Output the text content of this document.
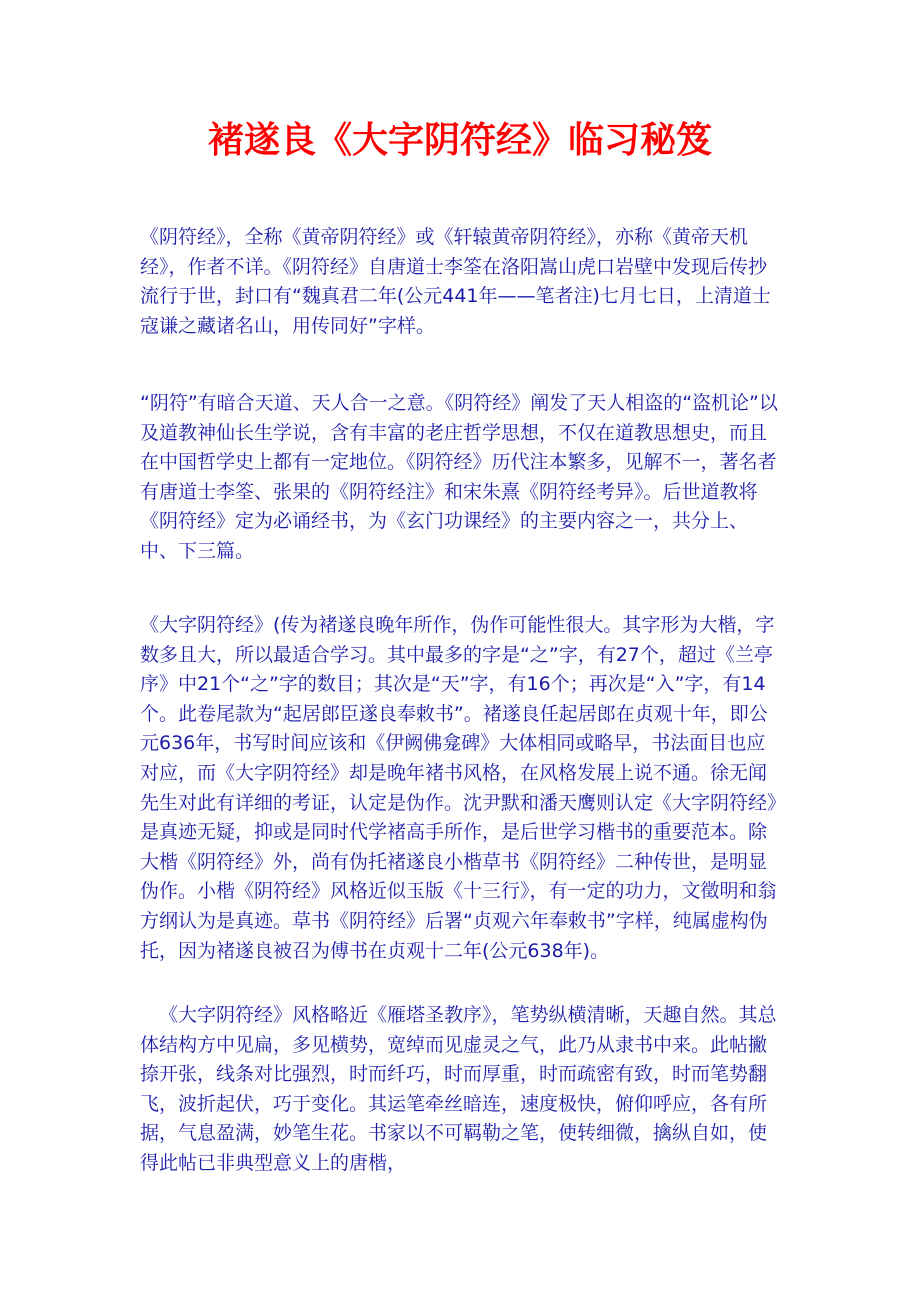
褚遂良《大字阴符经》临习秘笈

《阴符经》，全称《黄帝阴符经》或《轩辕黄帝阴符经》，亦称《黄帝天机经》，作者不详。《阴符经》自唐道士李筌在洛阳嵩山虎口岩壁中发现后传抄流行于世，封口有“魏真君二年(公元441年——笔者注)七月七日，上清道士寇谦之藏诸名山，用传同好”字样。

“阴符”有暗合天道、天人合一之意。《阴符经》阐发了天人相盗的“盗机论”以及道教神仙长生学说，含有丰富的老庄哲学思想，不仅在道教思想史，而且在中国哲学史上都有一定地位。《阴符经》历代注本繁多，见解不一，著名者有唐道士李筌、张果的《阴符经注》和宋朱熹《阴符经考异》。后世道教将《阴符经》定为必诵经书，为《玄门功课经》的主要内容之一，共分上、中、下三篇。

《大字阴符经》(传为褚遂良晚年所作，伪作可能性很大。其字形为大楷，字数多且大，所以最适合学习。其中最多的字是“之”字，有27个，超过《兰亭序》中21个“之”字的数目；其次是“天”字，有16个；再次是“入”字，有14个。此卷尾款为“起居郎臣遂良奉敕书”。褚遂良任起居郎在贞观十年，即公元636年，书写时间应该和《伊阙佛龛碑》大体相同或略早，书法面目也应对应，而《大字阴符经》却是晚年褚书风格，在风格发展上说不通。徐无闻先生对此有详细的考证，认定是伪作。沈尹默和潘天鹰则认定《大字阴符经》是真迹无疑，抑或是同时代学褚高手所作，是后世学习楷书的重要范本。除大楷《阴符经》外，尚有伪托褚遂良小楷草书《阴符经》二种传世，是明显伪作。小楷《阴符经》风格近似玉版《十三行》，有一定的功力，文徵明和翁方纲认为是真迹。草书《阴符经》后署“贞观六年奉敕书”字样，纯属虚构伪托，因为褚遂良被召为傅书在贞观十二年(公元638年)。

《大字阴符经》风格略近《雁塔圣教序》，笔势纵横清晰，天趣自然。其总体结构方中见扁，多见横势，宽绰而见虚灵之气，此乃从隶书中来。此帖撇捺开张，线条对比强烈，时而纤巧，时而厚重，时而疏密有致，时而笔势翻飞，波折起伏，巧于变化。其运笔牵丝暗连，速度极快，俯仰呼应，各有所据，气息盈满，妙笔生花。书家以不可羁勒之笔，使转细微，擒纵自如，使得此帖已非典型意义上的唐楷，
